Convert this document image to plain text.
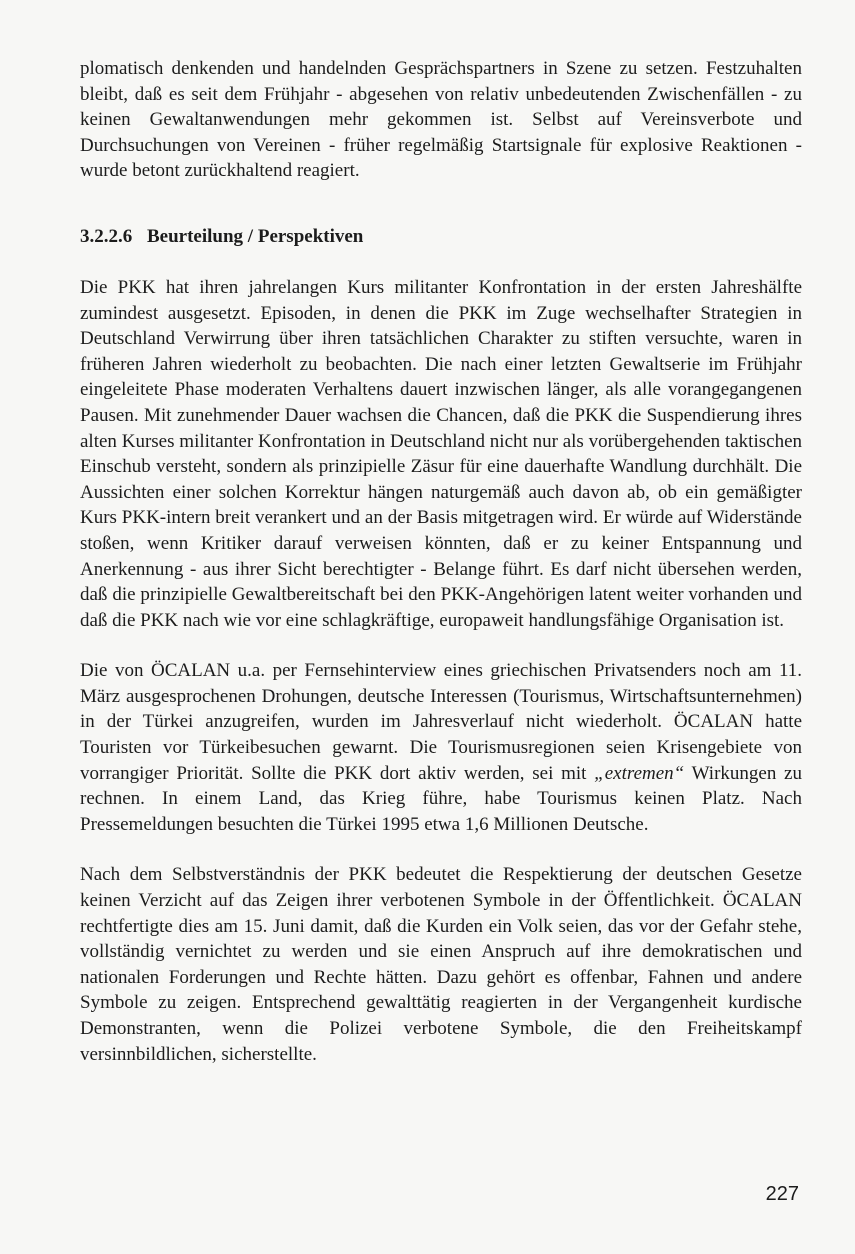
plomatisch denkenden und handelnden Gesprächspartners in Szene zu setzen. Festzuhalten bleibt, daß es seit dem Frühjahr - abgesehen von relativ unbedeutenden Zwischenfällen - zu keinen Gewaltanwendungen mehr gekommen ist. Selbst auf Vereinsverbote und Durchsuchungen von Vereinen - früher regelmäßig Startsignale für explosive Reaktionen - wurde betont zurückhaltend reagiert.

3.2.2.6 Beurteilung / Perspektiven

Die PKK hat ihren jahrelangen Kurs militanter Konfrontation in der ersten Jahreshälfte zumindest ausgesetzt. Episoden, in denen die PKK im Zuge wechselhafter Strategien in Deutschland Verwirrung über ihren tatsächlichen Charakter zu stiften versuchte, waren in früheren Jahren wiederholt zu beobachten. Die nach einer letzten Gewaltserie im Frühjahr eingeleitete Phase moderaten Verhaltens dauert inzwischen länger, als alle vorangegangenen Pausen. Mit zunehmender Dauer wachsen die Chancen, daß die PKK die Suspendierung ihres alten Kurses militanter Konfrontation in Deutschland nicht nur als vorübergehenden taktischen Einschub versteht, sondern als prinzipielle Zäsur für eine dauerhafte Wandlung durchhält. Die Aussichten einer solchen Korrektur hängen naturgemäß auch davon ab, ob ein gemäßigter Kurs PKK-intern breit verankert und an der Basis mitgetragen wird. Er würde auf Widerstände stoßen, wenn Kritiker darauf verweisen könnten, daß er zu keiner Entspannung und Anerkennung - aus ihrer Sicht berechtigter - Belange führt. Es darf nicht übersehen werden, daß die prinzipielle Gewaltbereitschaft bei den PKK-Angehörigen latent weiter vorhanden und daß die PKK nach wie vor eine schlagkräftige, europaweit handlungsfähige Organisation ist.

Die von ÖCALAN u.a. per Fernsehinterview eines griechischen Privatsenders noch am 11. März ausgesprochenen Drohungen, deutsche Interessen (Tourismus, Wirtschaftsunternehmen) in der Türkei anzugreifen, wurden im Jahresverlauf nicht wiederholt. ÖCALAN hatte Touristen vor Türkeibesuchen gewarnt. Die Tourismusregionen seien Krisengebiete von vorrangiger Priorität. Sollte die PKK dort aktiv werden, sei mit „extremen“ Wirkungen zu rechnen. In einem Land, das Krieg führe, habe Tourismus keinen Platz. Nach Pressemeldungen besuchten die Türkei 1995 etwa 1,6 Millionen Deutsche.

Nach dem Selbstverständnis der PKK bedeutet die Respektierung der deutschen Gesetze keinen Verzicht auf das Zeigen ihrer verbotenen Symbole in der Öffentlichkeit. ÖCALAN rechtfertigte dies am 15. Juni damit, daß die Kurden ein Volk seien, das vor der Gefahr stehe, vollständig vernichtet zu werden und sie einen Anspruch auf ihre demokratischen und nationalen Forderungen und Rechte hätten. Dazu gehört es offenbar, Fahnen und andere Symbole zu zeigen. Entsprechend gewalttätig reagierten in der Vergangenheit kurdische Demonstranten, wenn die Polizei verbotene Symbole, die den Freiheitskampf versinnbildlichen, sicherstellte.

227
